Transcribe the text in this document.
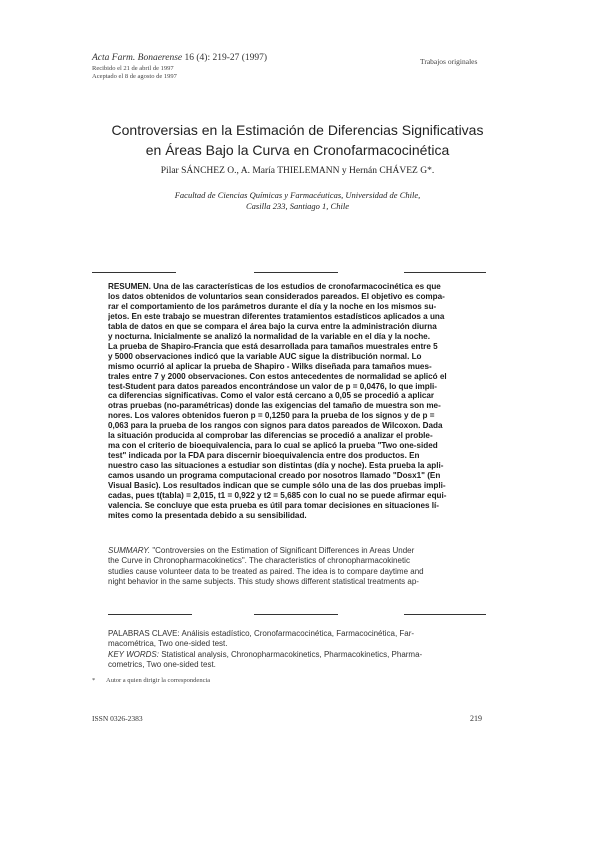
Acta Farm. Bonaerense 16 (4): 219-27 (1997)
Recibido el 21 de abril de 1997
Aceptado el 8 de agosto de 1997
Trabajos originales
Controversias en la Estimación de Diferencias Significativas
en Áreas Bajo la Curva en Cronofarmacocinética
Pilar SÁNCHEZ O., A. María THIELEMANN y Hernán CHÁVEZ G*.
Facultad de Ciencias Químicas y Farmacéuticas, Universidad de Chile,
Casilla 233, Santiago 1, Chile
RESUMEN. Una de las características de los estudios de cronofarmacocinética es que
los datos obtenidos de voluntarios sean considerados pareados. El objetivo es compa-
rar el comportamiento de los parámetros durante el día y la noche en los mismos su-
jetos. En este trabajo se muestran diferentes tratamientos estadísticos aplicados a una
tabla de datos en que se compara el área bajo la curva entre la administración diurna
y nocturna. Inicialmente se analizó la normalidad de la variable en el día y la noche.
La prueba de Shapiro-Francia que está desarrollada para tamaños muestrales entre 5
y 5000 observaciones indicó que la variable AUC sigue la distribución normal. Lo
mismo ocurrió al aplicar la prueba de Shapiro - Wilks diseñada para tamaños mues-
trales entre 7 y 2000 observaciones. Con estos antecedentes de normalidad se aplicó el
test-Student para datos pareados encontrándose un valor de p = 0,0476, lo que impli-
ca diferencias significativas. Como el valor está cercano a 0,05 se procedió a aplicar
otras pruebas (no-paramétricas) donde las exigencias del tamaño de muestra son me-
nores. Los valores obtenidos fueron p = 0,1250 para la prueba de los signos y de p =
0,063 para la prueba de los rangos con signos para datos pareados de Wilcoxon. Dada
la situación producida al comprobar las diferencias se procedió a analizar el proble-
ma con el criterio de bioequivalencia, para lo cual se aplicó la prueba "Two one-sided
test" indicada por la FDA para discernir bioequivalencia entre dos productos. En
nuestro caso las situaciones a estudiar son distintas (día y noche). Esta prueba la apli-
camos usando un programa computacional creado por nosotros llamado "Dosx1" (En
Visual Basic). Los resultados indican que se cumple sólo una de las dos pruebas impli-
cadas, pues t(tabla) = 2,015, t1 = 0,922 y t2 = 5,685 con lo cual no se puede afirmar equi-
valencia. Se concluye que esta prueba es útil para tomar decisiones en situaciones lí-
mites como la presentada debido a su sensibilidad.
SUMMARY. "Controversies on the Estimation of Significant Differences in Areas Under
the Curve in Chronopharmacokinetics". The characteristics of chronopharmacokinetic
studies cause volunteer data to be treated as paired. The idea is to compare daytime and
night behavior in the same subjects. This study shows different statistical treatments ap-
PALABRAS CLAVE: Análisis estadístico, Cronofarmacocinética, Farmacocinética, Far-
macométrica, Two one-sided test.
KEY WORDS: Statistical analysis, Chronopharmacokinetics, Pharmacokinetics, Pharma-
cometrics, Two one-sided test.
* Autor a quien dirigir la correspondencia
ISSN 0326-2383	219
